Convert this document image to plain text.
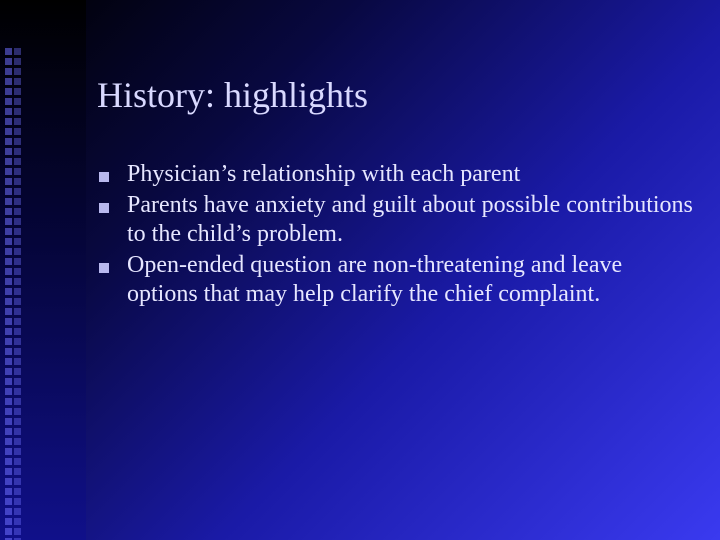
History: highlights
Physician’s relationship with each parent
Parents have anxiety and guilt about possible contributions to the child’s problem.
Open-ended question are non-threatening and leave options that may help clarify the chief complaint.
